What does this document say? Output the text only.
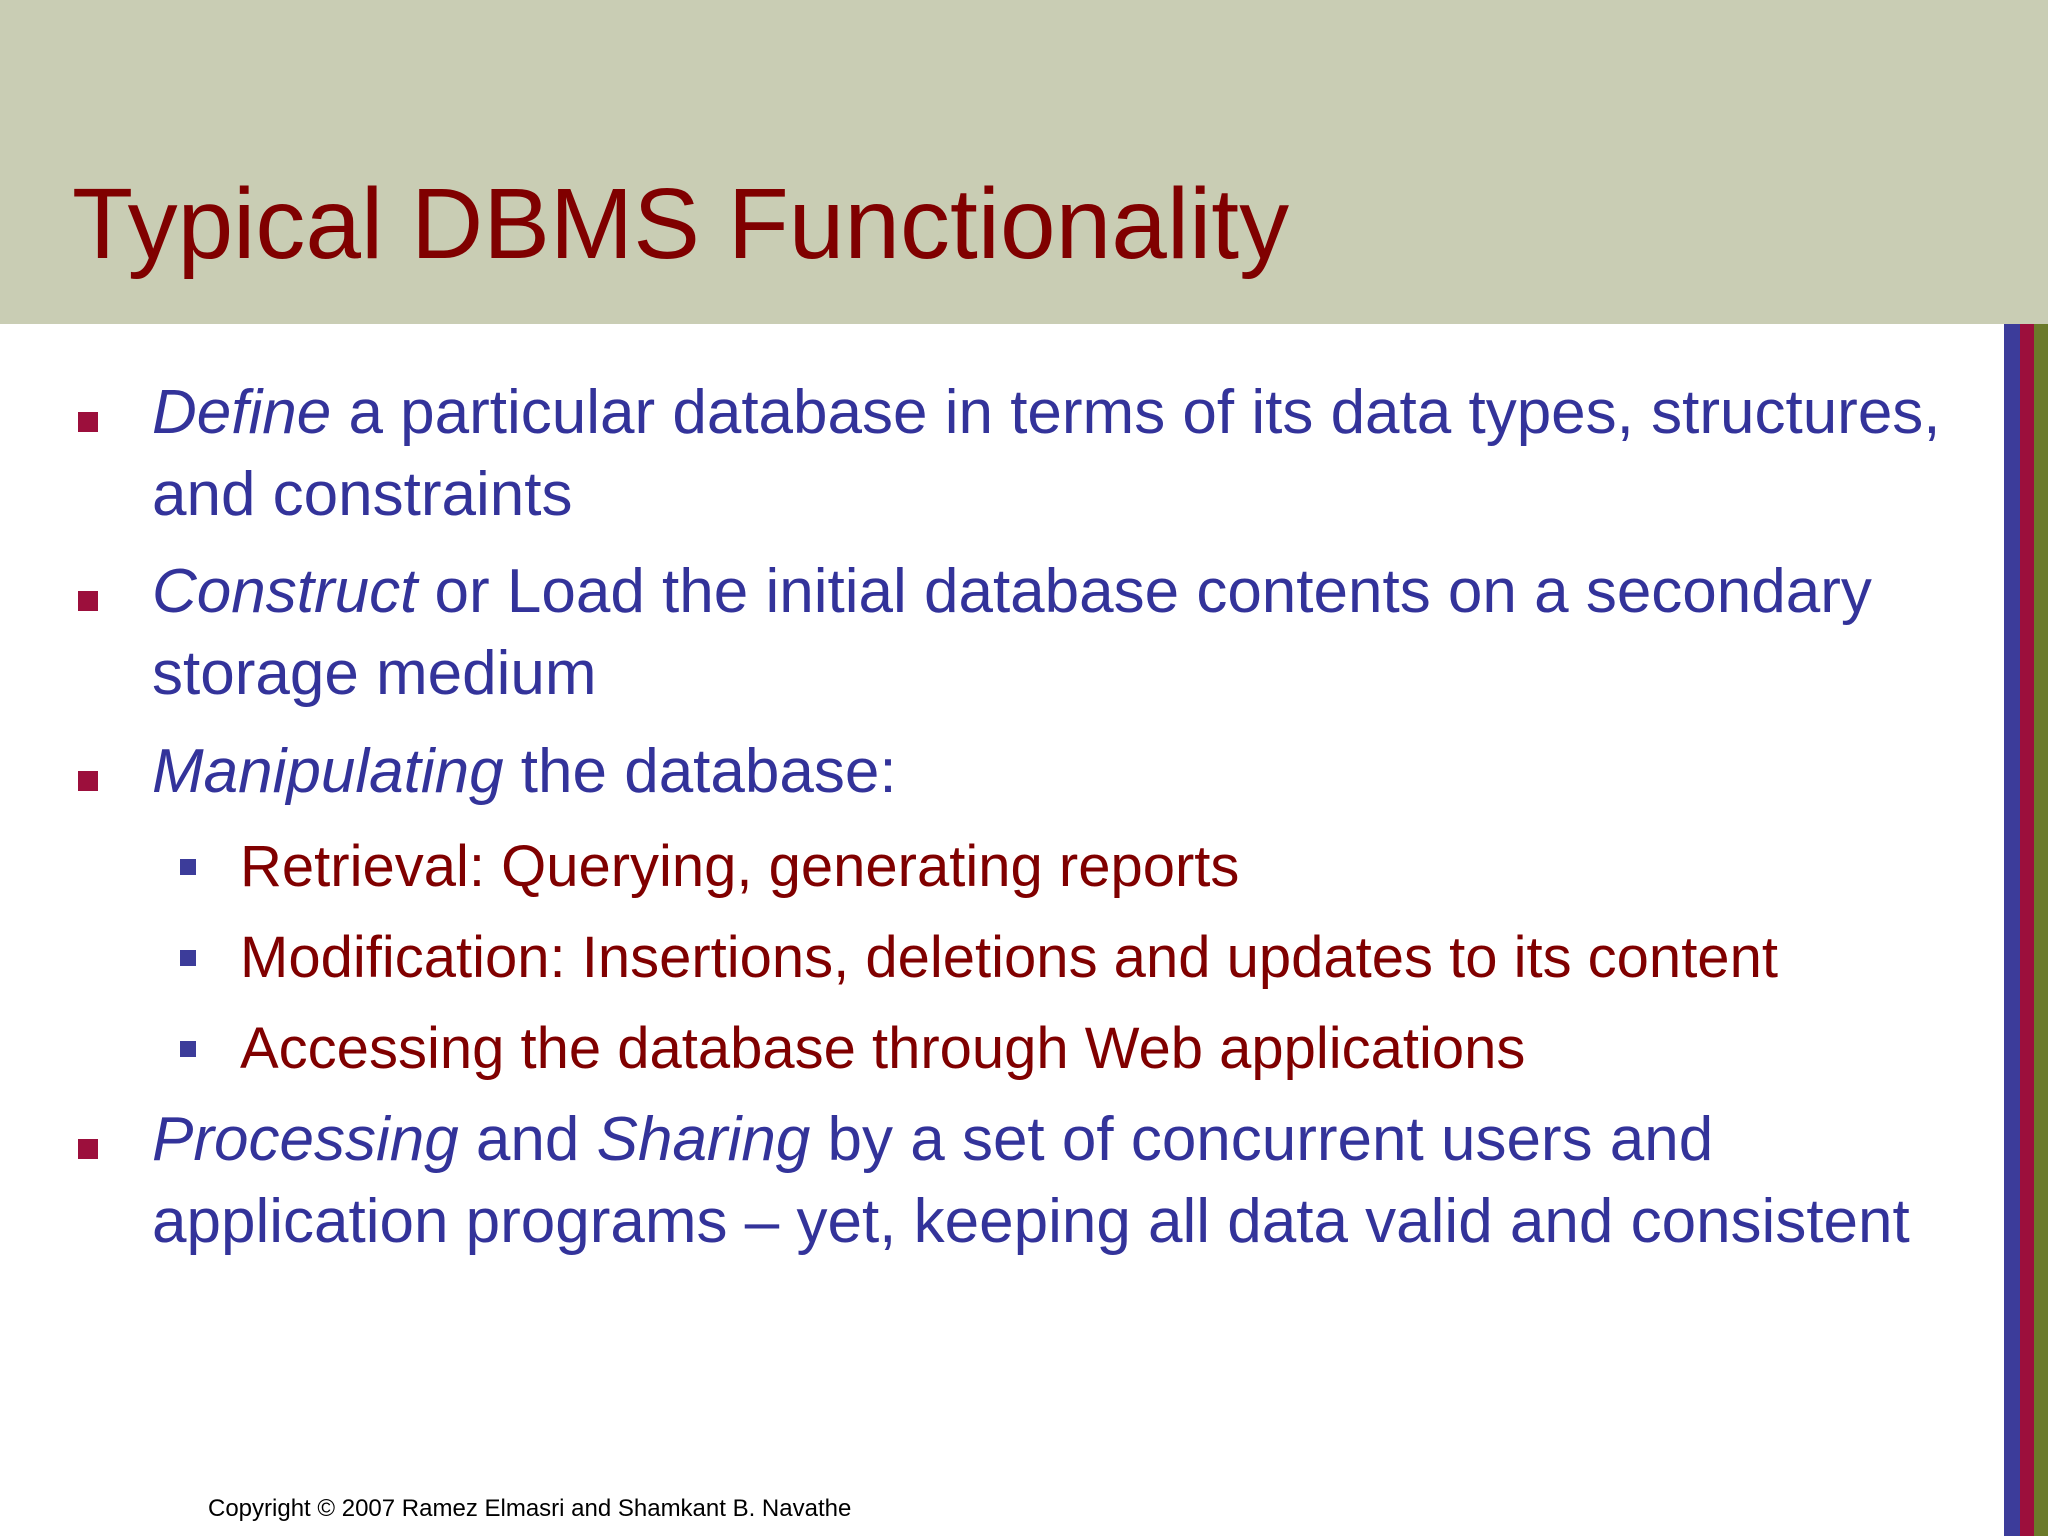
Typical DBMS Functionality
Define a particular database in terms of its data types, structures, and constraints
Construct or Load the initial database contents on a secondary storage medium
Manipulating the database:
Retrieval: Querying, generating reports
Modification: Insertions, deletions and updates to its content
Accessing the database through Web applications
Processing and Sharing by a set of concurrent users and application programs – yet, keeping all data valid and consistent
Copyright © 2007 Ramez Elmasri and Shamkant B. Navathe
